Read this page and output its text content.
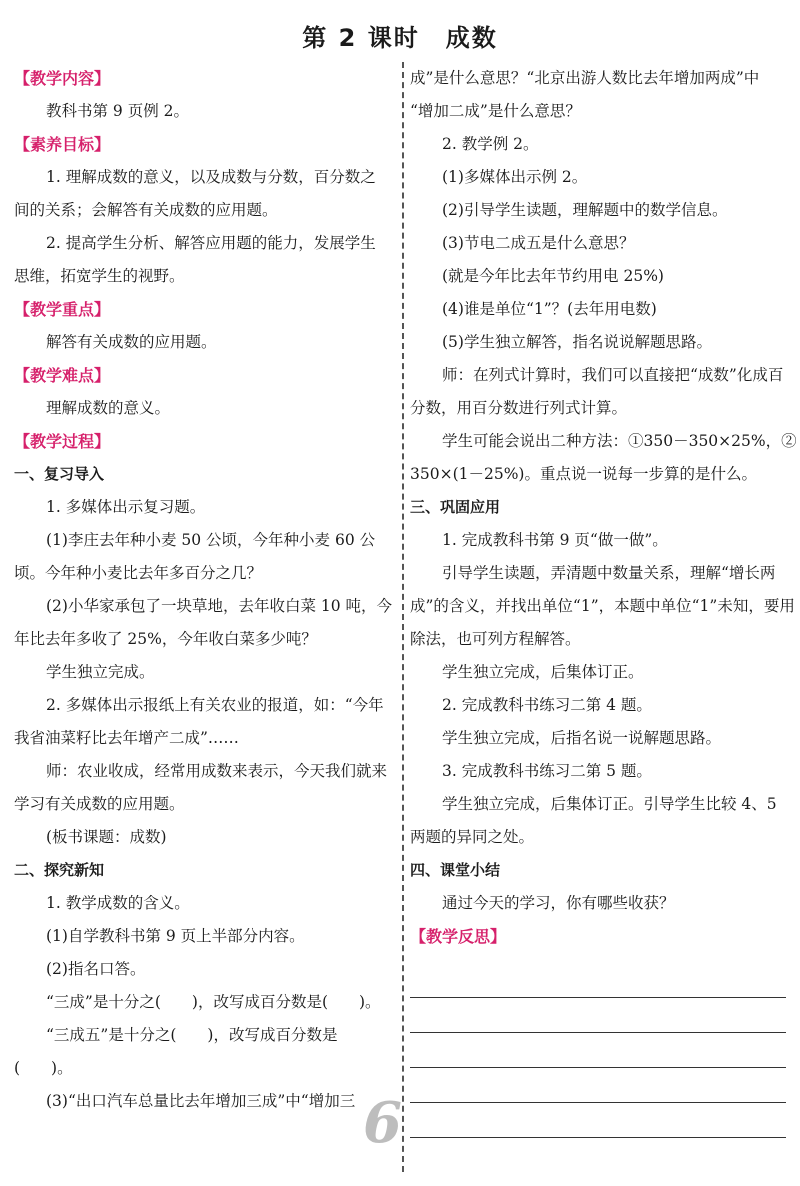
第 2 课时 成数
【教学内容】
教科书第 9 页例 2。
【素养目标】
1. 理解成数的意义，以及成数与分数，百分数之
间的关系；会解答有关成数的应用题。
2. 提高学生分析、解答应用题的能力，发展学生
思维，拓宽学生的视野。
【教学重点】
解答有关成数的应用题。
【教学难点】
理解成数的意义。
【教学过程】
一、复习导入
1. 多媒体出示复习题。
(1)李庄去年种小麦 50 公顷，今年种小麦 60 公
顷。今年种小麦比去年多百分之几？
(2)小华家承包了一块草地，去年收白菜 10 吨，今
年比去年多收了 25%，今年收白菜多少吨？
学生独立完成。
2. 多媒体出示报纸上有关农业的报道，如：“今年
我省油菜籽比去年增产二成”……
师：农业收成，经常用成数来表示，今天我们就来
学习有关成数的应用题。
(板书课题：成数)
二、探究新知
1. 教学成数的含义。
(1)自学教科书第 9 页上半部分内容。
(2)指名口答。
“三成”是十分之(　　)，改写成百分数是(　　)。
“三成五”是十分之(　　)，改写成百分数是
(　　)。
(3)“出口汽车总量比去年增加三成”中“增加三
成”是什么意思？“北京出游人数比去年增加两成”中
“增加二成”是什么意思？
2. 教学例 2。
(1)多媒体出示例 2。
(2)引导学生读题，理解题中的数学信息。
(3)节电二成五是什么意思？
(就是今年比去年节约用电 25%)
(4)谁是单位“1”？(去年用电数)
(5)学生独立解答，指名说说解题思路。
师：在列式计算时，我们可以直接把“成数”化成百
分数，用百分数进行列式计算。
学生可能会说出二种方法：①350－350×25%，②
350×(1－25%)。重点说一说每一步算的是什么。
三、巩固应用
1. 完成教科书第 9 页“做一做”。
引导学生读题，弄清题中数量关系，理解“增长两
成”的含义，并找出单位“1”，本题中单位“1”未知，要用
除法，也可列方程解答。
学生独立完成，后集体订正。
2. 完成教科书练习二第 4 题。
学生独立完成，后指名说一说解题思路。
3. 完成教科书练习二第 5 题。
学生独立完成，后集体订正。引导学生比较 4、5
两题的异同之处。
四、课堂小结
通过今天的学习，你有哪些收获？
【教学反思】
6
